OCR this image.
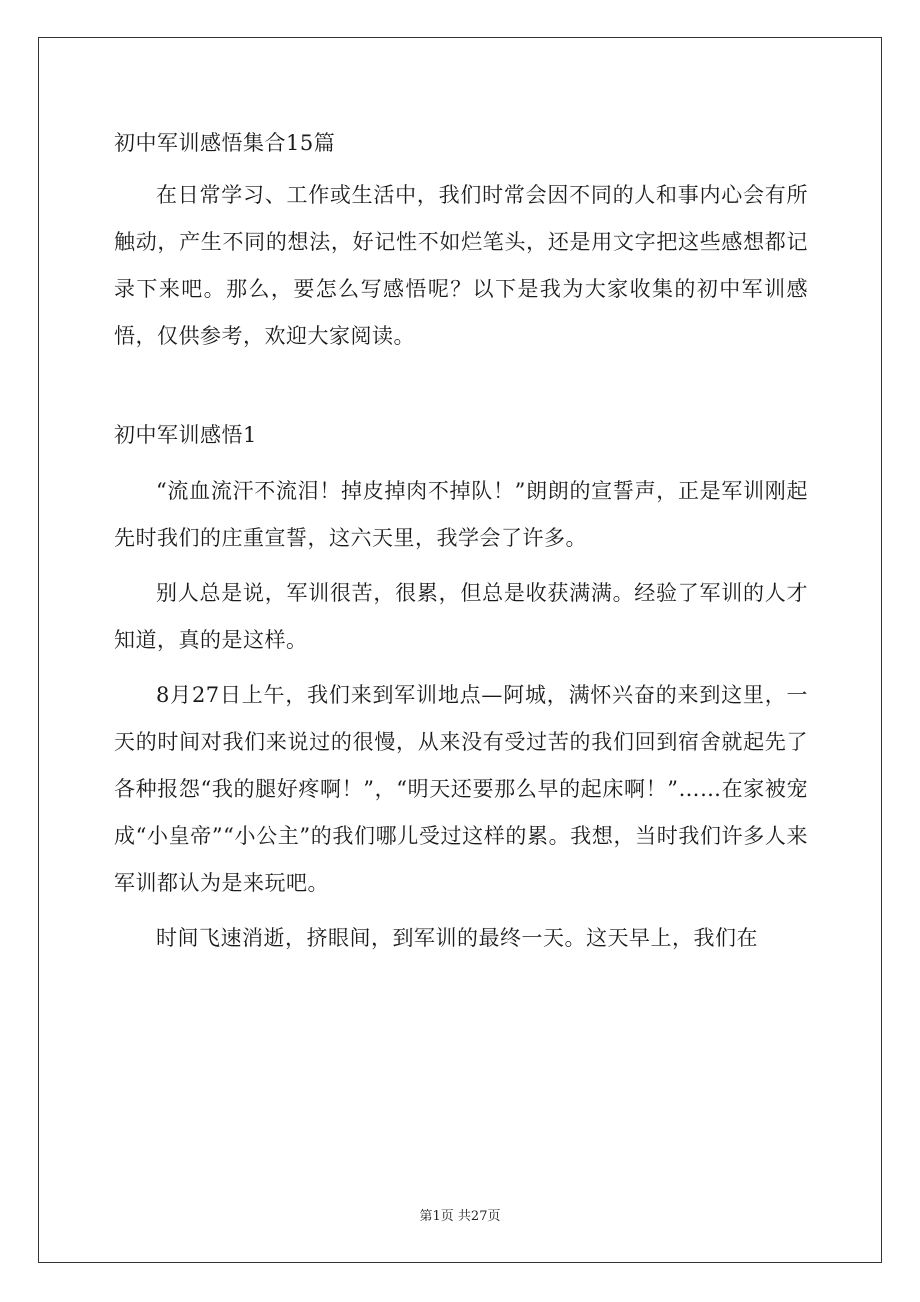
初中军训感悟集合15篇

在日常学习、工作或生活中，我们时常会因不同的人和事内心会有所触动，产生不同的想法，好记性不如烂笔头，还是用文字把这些感想都记录下来吧。那么，要怎么写感悟呢？以下是我为大家收集的初中军训感悟，仅供参考，欢迎大家阅读。

初中军训感悟1

“流血流汗不流泪！掉皮掉肉不掉队！”朗朗的宣誓声，正是军训刚起先时我们的庄重宣誓，这六天里，我学会了许多。

别人总是说，军训很苦，很累，但总是收获满满。经验了军训的人才知道，真的是这样。

8月27日上午，我们来到军训地点—阿城，满怀兴奋的来到这里，一天的时间对我们来说过的很慢，从来没有受过苦的我们回到宿舍就起先了各种报怨“我的腿好疼啊！”，“明天还要那么早的起床啊！”……在家被宠成“小皇帝”“小公主”的我们哪儿受过这样的累。我想，当时我们许多人来军训都认为是来玩吧。

时间飞速消逝，挤眼间，到军训的最终一天。这天早上，我们在

第1页 共27页
